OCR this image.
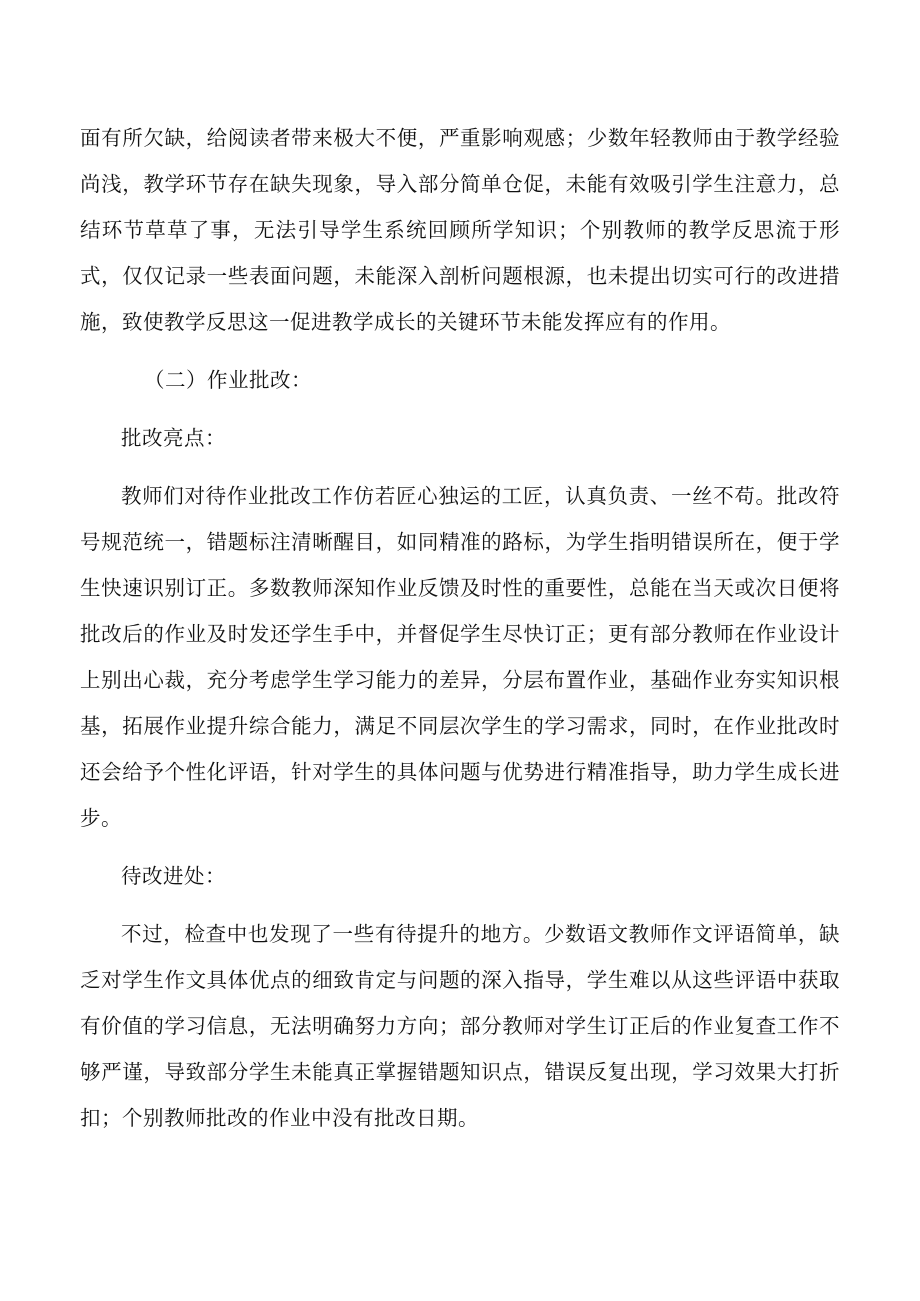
面有所欠缺，给阅读者带来极大不便，严重影响观感；少数年轻教师由于教学经验尚浅，教学环节存在缺失现象，导入部分简单仓促，未能有效吸引学生注意力，总结环节草草了事，无法引导学生系统回顾所学知识；个别教师的教学反思流于形式，仅仅记录一些表面问题，未能深入剖析问题根源，也未提出切实可行的改进措施，致使教学反思这一促进教学成长的关键环节未能发挥应有的作用。

（二）作业批改：

批改亮点：

教师们对待作业批改工作仿若匠心独运的工匠，认真负责、一丝不苟。批改符号规范统一，错题标注清晰醒目，如同精准的路标，为学生指明错误所在，便于学生快速识别订正。多数教师深知作业反馈及时性的重要性，总能在当天或次日便将批改后的作业及时发还学生手中，并督促学生尽快订正；更有部分教师在作业设计上别出心裁，充分考虑学生学习能力的差异，分层布置作业，基础作业夯实知识根基，拓展作业提升综合能力，满足不同层次学生的学习需求，同时，在作业批改时还会给予个性化评语，针对学生的具体问题与优势进行精准指导，助力学生成长进步。

待改进处：

不过，检查中也发现了一些有待提升的地方。少数语文教师作文评语简单，缺乏对学生作文具体优点的细致肯定与问题的深入指导，学生难以从这些评语中获取有价值的学习信息，无法明确努力方向；部分教师对学生订正后的作业复查工作不够严谨，导致部分学生未能真正掌握错题知识点，错误反复出现，学习效果大打折扣；个别教师批改的作业中没有批改日期。
